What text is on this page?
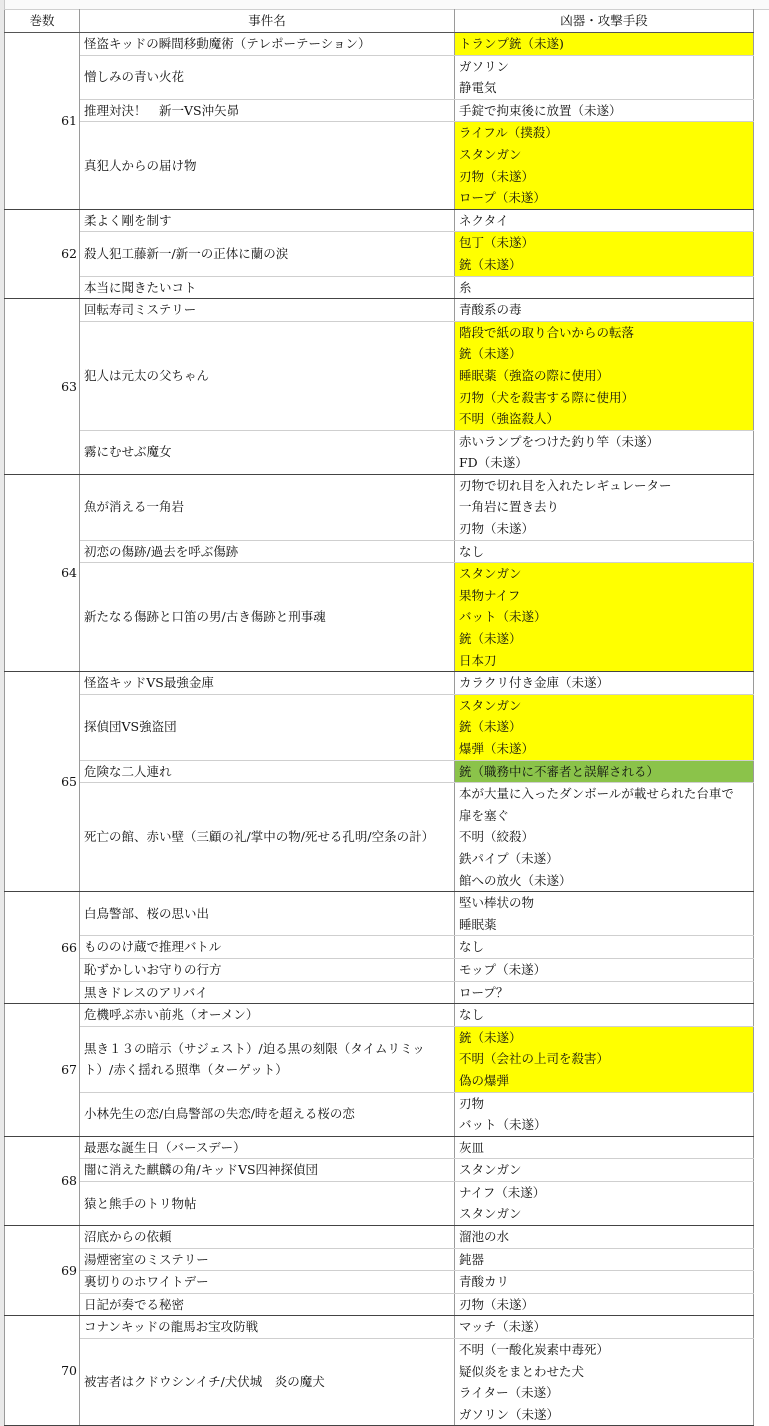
巻数	事件名	凶器・攻撃手段
61	怪盗キッドの瞬間移動魔術（テレポーテーション）	トランプ銃（未遂)

	憎しみの青い火花	ガソリン
静電気

	推理対決！　新一VS沖矢昴	手錠で拘束後に放置（未遂）

	真犯人からの届け物	ライフル（撲殺）
スタンガン
刃物（未遂）
ロープ（未遂）

62	柔よく剛を制す	ネクタイ

	殺人犯工藤新一/新一の正体に蘭の涙	包丁（未遂）
銃（未遂）

	本当に聞きたいコト	糸

63	回転寿司ミステリー	青酸系の毒

	犯人は元太の父ちゃん	階段で紙の取り合いからの転落
銃（未遂）
睡眠薬（強盗の際に使用）
刃物（犬を殺害する際に使用）
不明（強盗殺人）

	霧にむせぶ魔女	赤いランプをつけた釣り竿（未遂）
FD（未遂）

64	魚が消える一角岩	刃物で切れ目を入れたレギュレーター
一角岩に置き去り
刃物（未遂）

	初恋の傷跡/過去を呼ぶ傷跡	なし

	新たなる傷跡と口笛の男/古き傷跡と刑事魂	スタンガン
果物ナイフ
バット（未遂）
銃（未遂）
日本刀

65	怪盗キッドVS最強金庫	カラクリ付き金庫（未遂）

	探偵団VS強盗団	スタンガン
銃（未遂）
爆弾（未遂）

	危険な二人連れ	銃（職務中に不審者と誤解される）

	死亡の館、赤い壁（三顧の礼/掌中の物/死せる孔明/空条の計）	本が大量に入ったダンボールが載せられた台車で
扉を塞ぐ
不明（絞殺）
鉄パイプ（未遂）
館への放火（未遂）

66	白鳥警部、桜の思い出	堅い棒状の物
睡眠薬

	もののけ蔵で推理バトル	なし

	恥ずかしいお守りの行方	モップ（未遂）

	黒きドレスのアリバイ	ロープ？

67	危機呼ぶ赤い前兆（オーメン）	なし

	黒き１３の暗示（サジェスト）/迫る黒の刻限（タイムリミット）/赤く揺れる照準（ターゲット）	銃（未遂）
不明（会社の上司を殺害）
偽の爆弾

	小林先生の恋/白鳥警部の失恋/時を超える桜の恋	刃物
バット（未遂）

68	最悪な誕生日（バースデー）	灰皿

	闇に消えた麒麟の角/キッドVS四神探偵団	スタンガン

	猿と熊手のトリ物帖	ナイフ（未遂）
スタンガン

69	沼底からの依頼	溜池の水

	湯煙密室のミステリー	鈍器

	裏切りのホワイトデー	青酸カリ

	日記が奏でる秘密	刃物（未遂）

70	コナンキッドの龍馬お宝攻防戦	マッチ（未遂）

	被害者はクドウシンイチ/犬伏城　炎の魔犬	不明（一酸化炭素中毒死）
疑似炎をまとわせた犬
ライター（未遂）
ガソリン（未遂）
